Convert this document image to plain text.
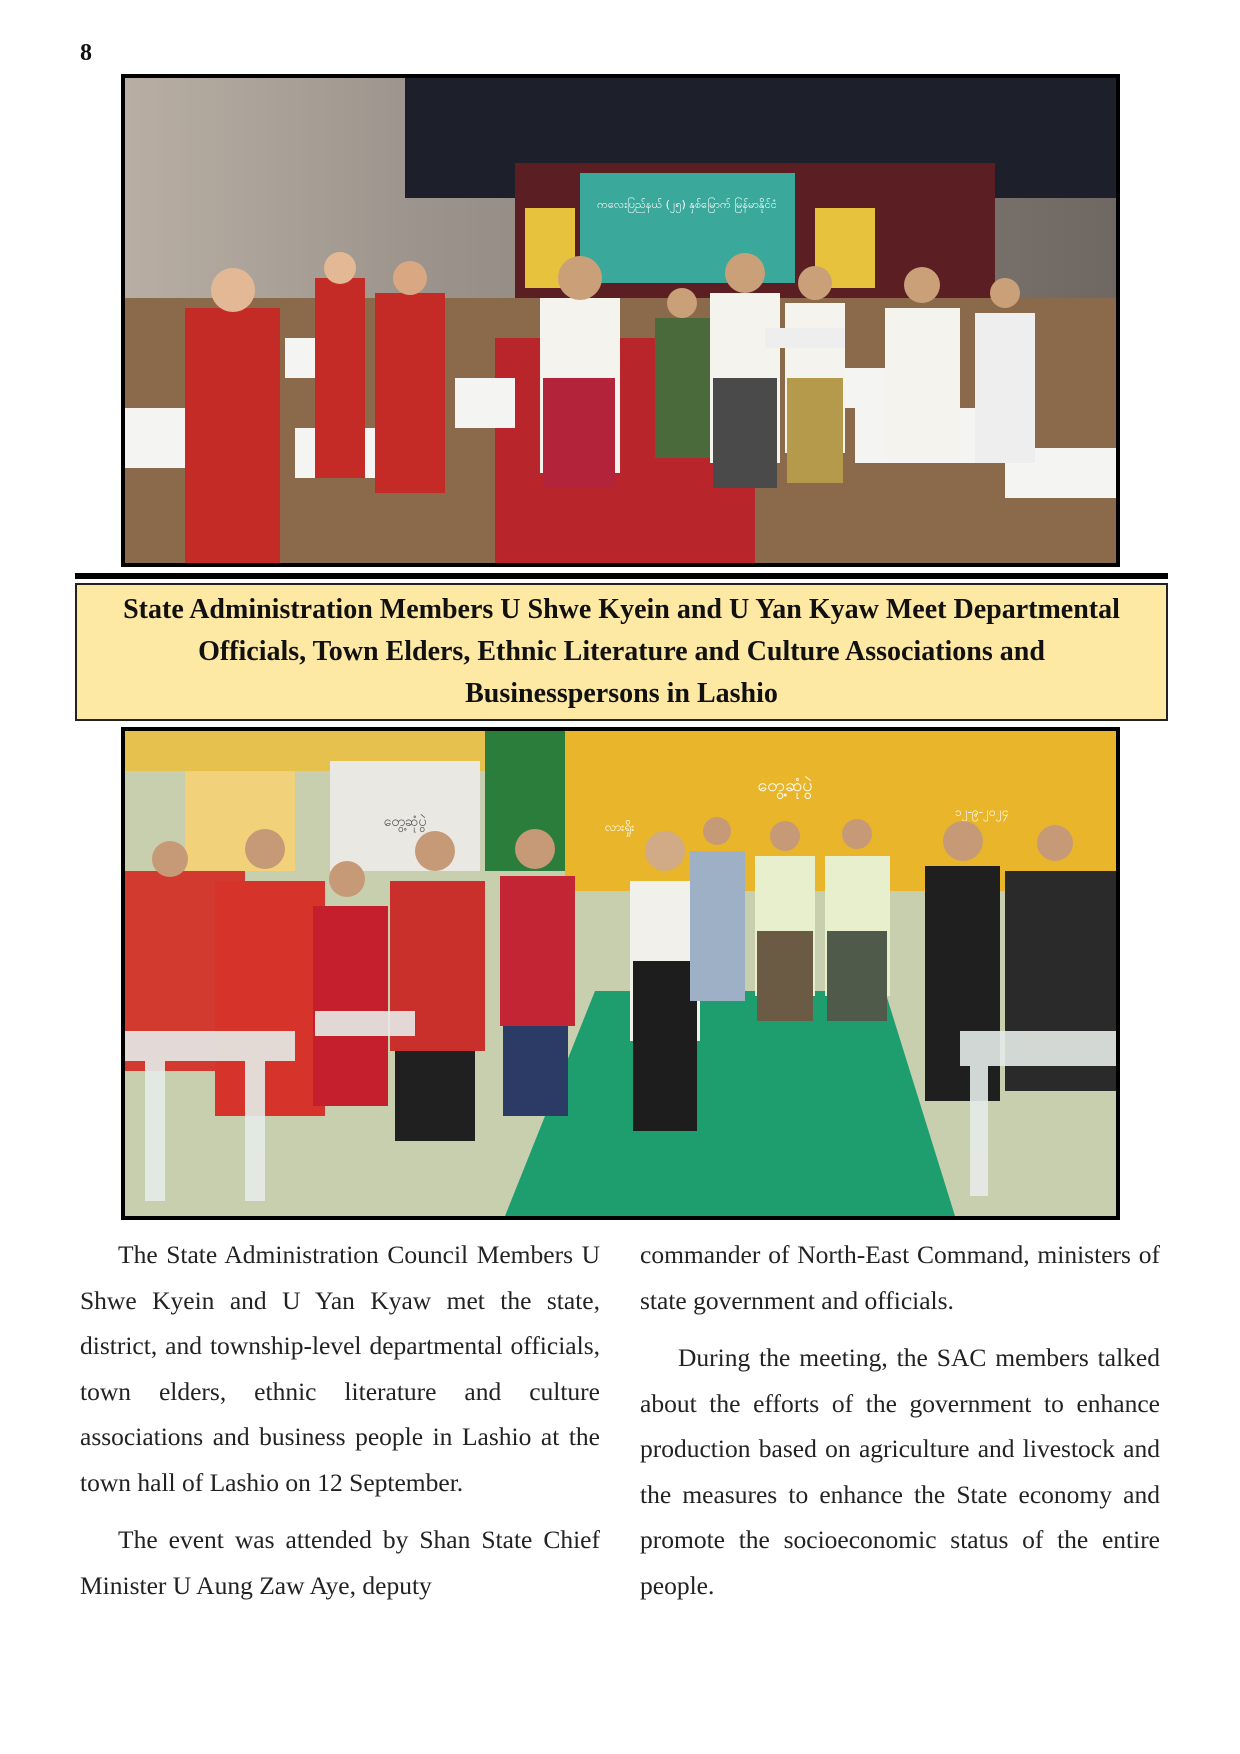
8
ကလေးပြည်နယ် (၂၅) နှစ်မြောက် မြန်မာနိုင်ငံ
State Administration Members U Shwe Kyein and U Yan Kyaw Meet Departmental Officials, Town Elders, Ethnic Literature and Culture Associations and Businesspersons in Lashio
တွေ့ဆုံပွဲ
တွေ့ဆုံပွဲ
လားရှိုး
၁၂-၉-၂၀၂၄

The State Administration Council Members U Shwe Kyein and U Yan Kyaw met the state, district, and township-level departmental officials, town elders, ethnic literature and culture associations and business people in Lashio at the town hall of Lashio on 12 September.

The event was attended by Shan State Chief Minister U Aung Zaw Aye, deputy

commander of North-East Command, ministers of state government and officials.

During the meeting, the SAC members talked about the efforts of the government to enhance production based on agriculture and livestock and the measures to enhance the State economy and promote the socioeconomic status of the entire people.
